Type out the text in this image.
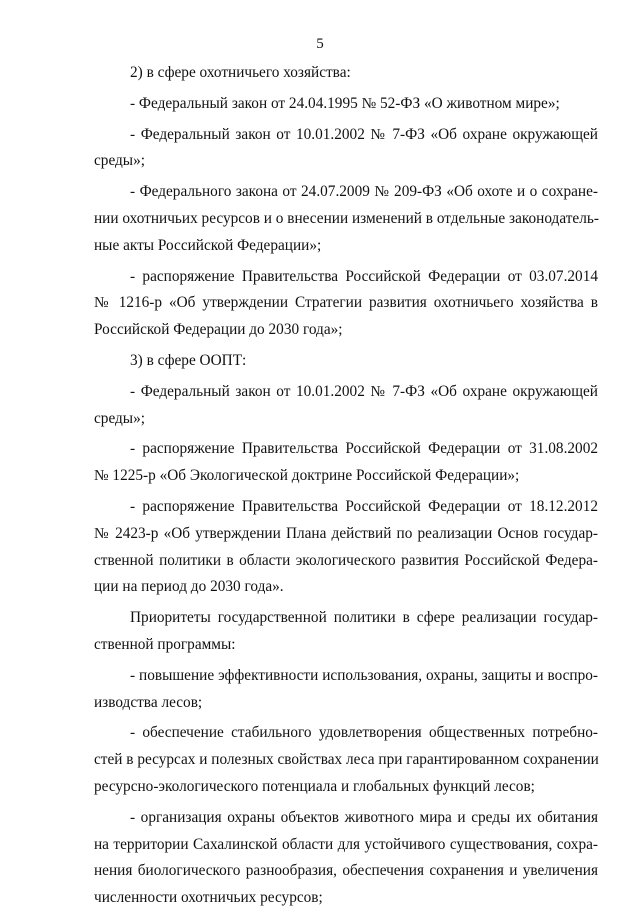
5
2) в сфере охотничьего хозяйства:
- Федеральный закон от 24.04.1995 № 52-ФЗ «О животном мире»;
- Федеральный закон от 10.01.2002 № 7-ФЗ «Об охране окружающей
среды»;
- Федерального закона от 24.07.2009 № 209-ФЗ «Об охоте и о сохране-
нии охотничьих ресурсов и о внесении изменений в отдельные законодатель-
ные акты Российской Федерации»;
- распоряжение Правительства Российской Федерации от 03.07.2014
№ 1216-р «Об утверждении Стратегии развития охотничьего хозяйства в
Российской Федерации до 2030 года»;
3) в сфере ООПТ:
- Федеральный закон от 10.01.2002 № 7-ФЗ «Об охране окружающей
среды»;
- распоряжение Правительства Российской Федерации от 31.08.2002
№ 1225-р «Об Экологической доктрине Российской Федерации»;
- распоряжение Правительства Российской Федерации от 18.12.2012
№ 2423-р «Об утверждении Плана действий по реализации Основ государ-
ственной политики в области экологического развития Российской Федера-
ции на период до 2030 года».
Приоритеты государственной политики в сфере реализации государ-
ственной программы:
- повышение эффективности использования, охраны, защиты и воспро-
изводства лесов;
- обеспечение стабильного удовлетворения общественных потребно-
стей в ресурсах и полезных свойствах леса при гарантированном сохранении
ресурсно-экологического потенциала и глобальных функций лесов;
- организация охраны объектов животного мира и среды их обитания
на территории Сахалинской области для устойчивого существования, сохра-
нения биологического разнообразия, обеспечения сохранения и увеличения
численности охотничьих ресурсов;
